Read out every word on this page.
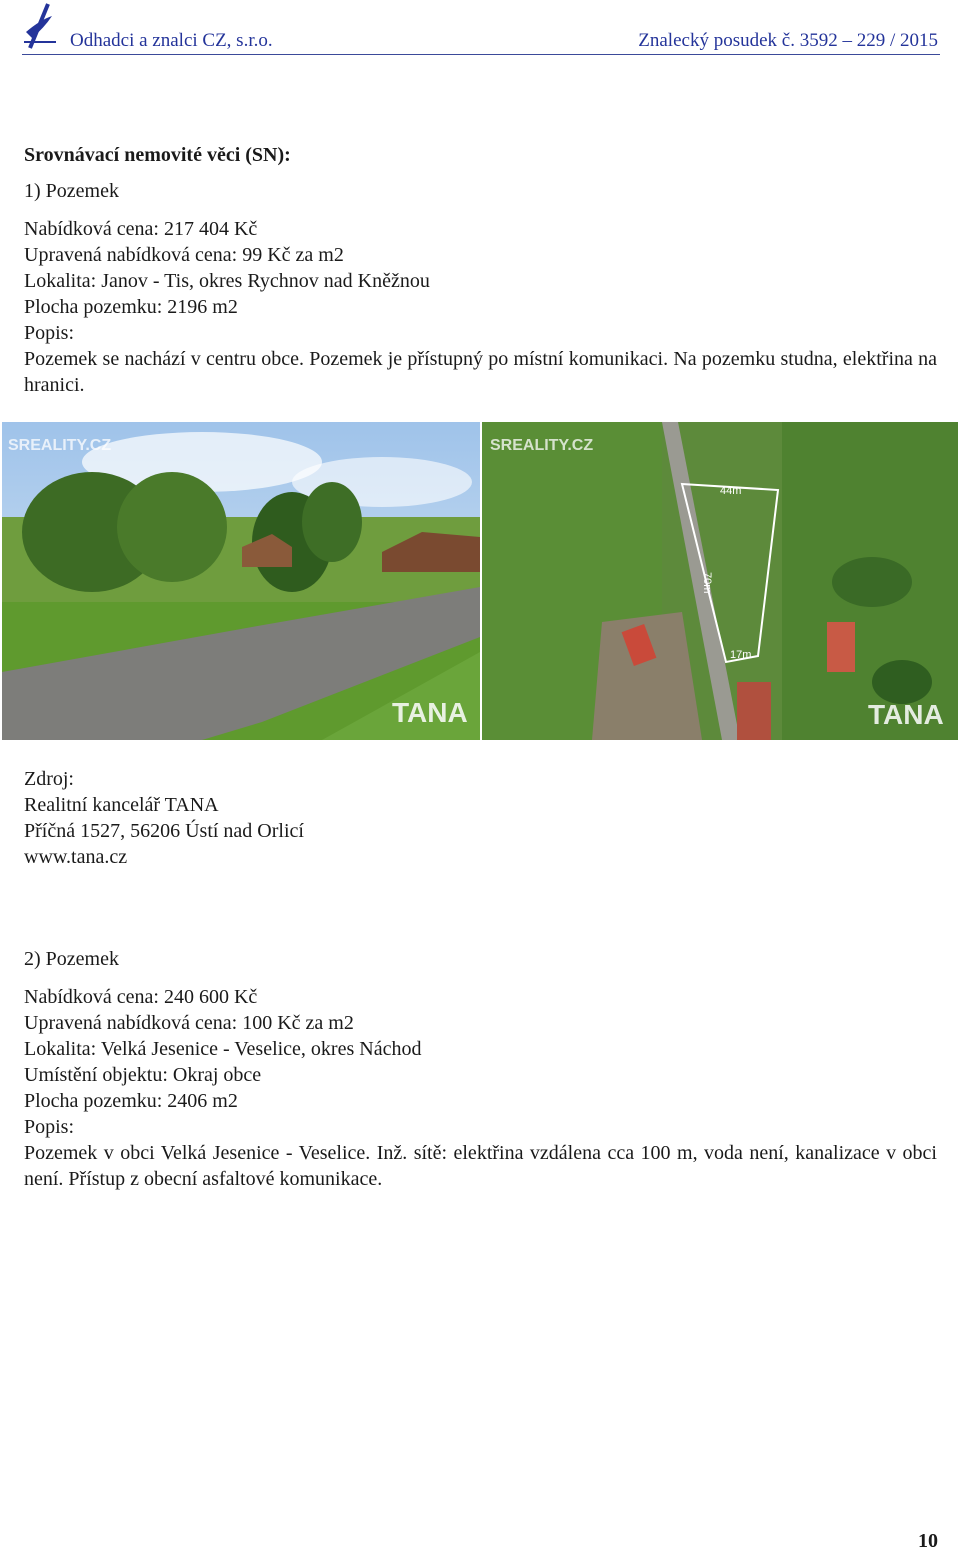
Odhadci a znalci CZ, s.r.o.	Znalecký posudek č. 3592 – 229 / 2015

Srovnávací nemovité věci (SN):

1) Pozemek

Nabídková cena: 217 404 Kč

Upravená nabídková cena: 99 Kč za m2

Lokalita: Janov - Tis, okres Rychnov nad Kněžnou

Plocha pozemku: 2196 m2

Popis:

Pozemek se nachází v centru obce. Pozemek je přístupný po místní komunikaci. Na pozemku studna, elektřina na hranici.

SREALITY.CZ
TANA
44m
70m
17m
SREALITY.CZ
TANA

Zdroj:

Realitní kancelář TANA

Příčná 1527, 56206 Ústí nad Orlicí

www.tana.cz

2) Pozemek

Nabídková cena: 240 600 Kč

Upravená nabídková cena: 100 Kč za m2

Lokalita: Velká Jesenice - Veselice, okres Náchod

Umístění objektu: Okraj obce

Plocha pozemku: 2406 m2

Popis:

Pozemek v obci Velká Jesenice - Veselice. Inž. sítě: elektřina vzdálena cca 100 m, voda není, kanalizace v obci není. Přístup z obecní asfaltové komunikace.

10
